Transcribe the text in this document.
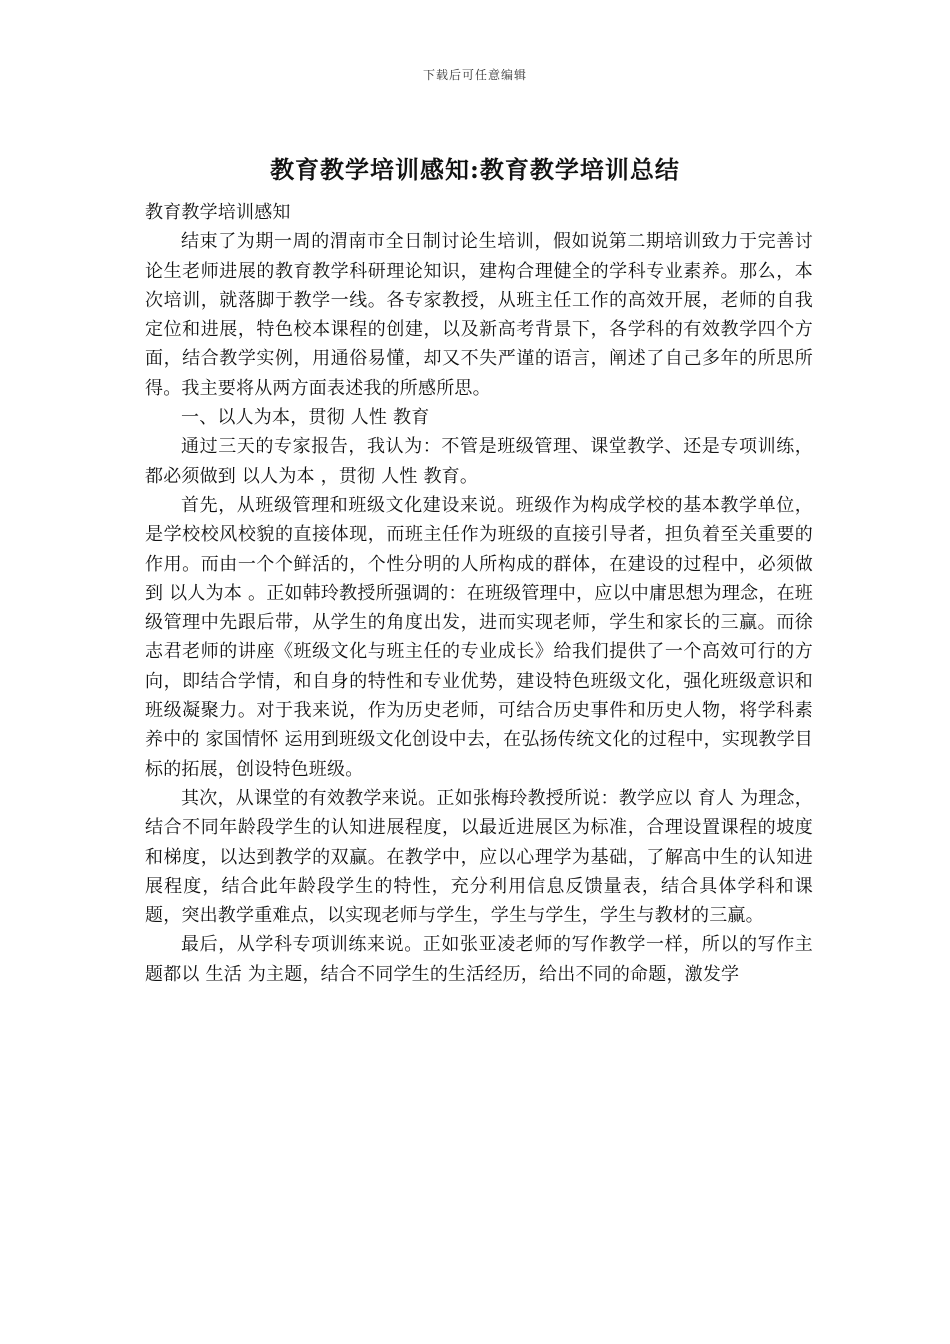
下载后可任意编辑
教育教学培训感知:教育教学培训总结

教育教学培训感知

结束了为期一周的渭南市全日制讨论生培训，假如说第二期培训致力于完善讨论生老师进展的教育教学科研理论知识，建构合理健全的学科专业素养。那么，本次培训，就落脚于教学一线。各专家教授，从班主任工作的高效开展，老师的自我定位和进展，特色校本课程的创建，以及新高考背景下，各学科的有效教学四个方面，结合教学实例，用通俗易懂，却又不失严谨的语言，阐述了自己多年的所思所得。我主要将从两方面表述我的所感所思。

一、以人为本，贯彻 人性 教育

通过三天的专家报告，我认为：不管是班级管理、课堂教学、还是专项训练，都必须做到 以人为本 ，贯彻 人性 教育。

首先，从班级管理和班级文化建设来说。班级作为构成学校的基本教学单位，是学校校风校貌的直接体现，而班主任作为班级的直接引导者，担负着至关重要的作用。而由一个个鲜活的，个性分明的人所构成的群体，在建设的过程中，必须做到 以人为本 。正如韩玲教授所强调的：在班级管理中，应以中庸思想为理念，在班级管理中先跟后带，从学生的角度出发，进而实现老师，学生和家长的三赢。而徐志君老师的讲座《班级文化与班主任的专业成长》给我们提供了一个高效可行的方向，即结合学情，和自身的特性和专业优势，建设特色班级文化，强化班级意识和班级凝聚力。对于我来说，作为历史老师，可结合历史事件和历史人物，将学科素养中的 家国情怀 运用到班级文化创设中去，在弘扬传统文化的过程中，实现教学目标的拓展，创设特色班级。

其次，从课堂的有效教学来说。正如张梅玲教授所说：教学应以 育人 为理念，结合不同年龄段学生的认知进展程度，以最近进展区为标准，合理设置课程的坡度和梯度，以达到教学的双赢。在教学中，应以心理学为基础，了解高中生的认知进展程度，结合此年龄段学生的特性，充分利用信息反馈量表，结合具体学科和课题，突出教学重难点，以实现老师与学生，学生与学生，学生与教材的三赢。

最后，从学科专项训练来说。正如张亚凌老师的写作教学一样，所以的写作主题都以 生活 为主题，结合不同学生的生活经历，给出不同的命题，激发学
